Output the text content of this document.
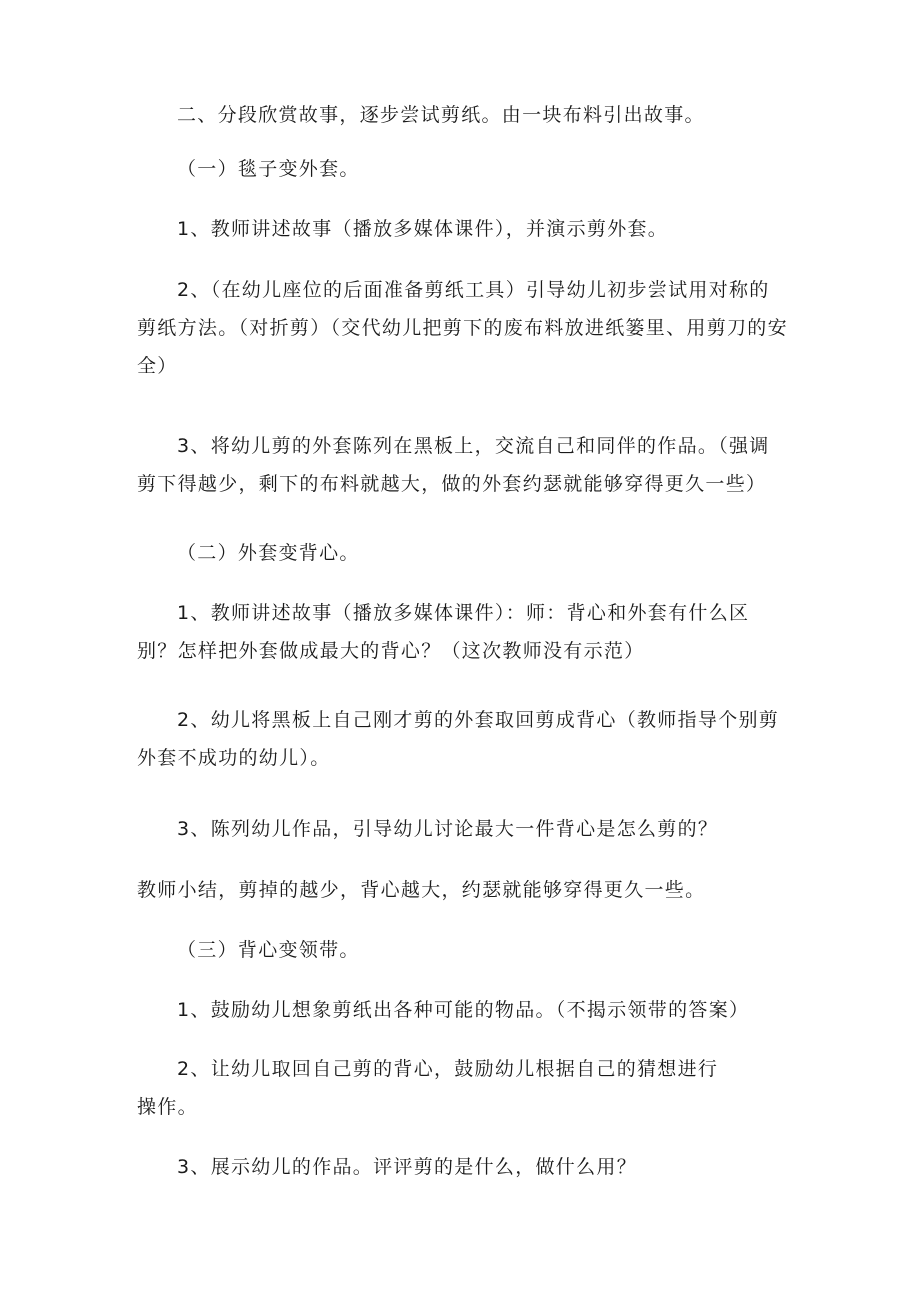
二、分段欣赏故事，逐步尝试剪纸。由一块布料引出故事。

（一）毯子变外套。

1、教师讲述故事（播放多媒体课件），并演示剪外套。

2、（在幼儿座位的后面准备剪纸工具）引导幼儿初步尝试用对称的剪纸方法。（对折剪）（交代幼儿把剪下的废布料放进纸篓里、用剪刀的安全）

3、将幼儿剪的外套陈列在黑板上，交流自己和同伴的作品。（强调剪下得越少，剩下的布料就越大，做的外套约瑟就能够穿得更久一些）

（二）外套变背心。

1、教师讲述故事（播放多媒体课件）：师：背心和外套有什么区别？怎样把外套做成最大的背心？（这次教师没有示范）

2、幼儿将黑板上自己刚才剪的外套取回剪成背心（教师指导个别剪外套不成功的幼儿）。

3、陈列幼儿作品，引导幼儿讨论最大一件背心是怎么剪的？

教师小结，剪掉的越少，背心越大，约瑟就能够穿得更久一些。

（三）背心变领带。

1、鼓励幼儿想象剪纸出各种可能的物品。（不揭示领带的答案）

2、让幼儿取回自己剪的背心，鼓励幼儿根据自己的猜想进行操作。

3、展示幼儿的作品。评评剪的是什么，做什么用？
